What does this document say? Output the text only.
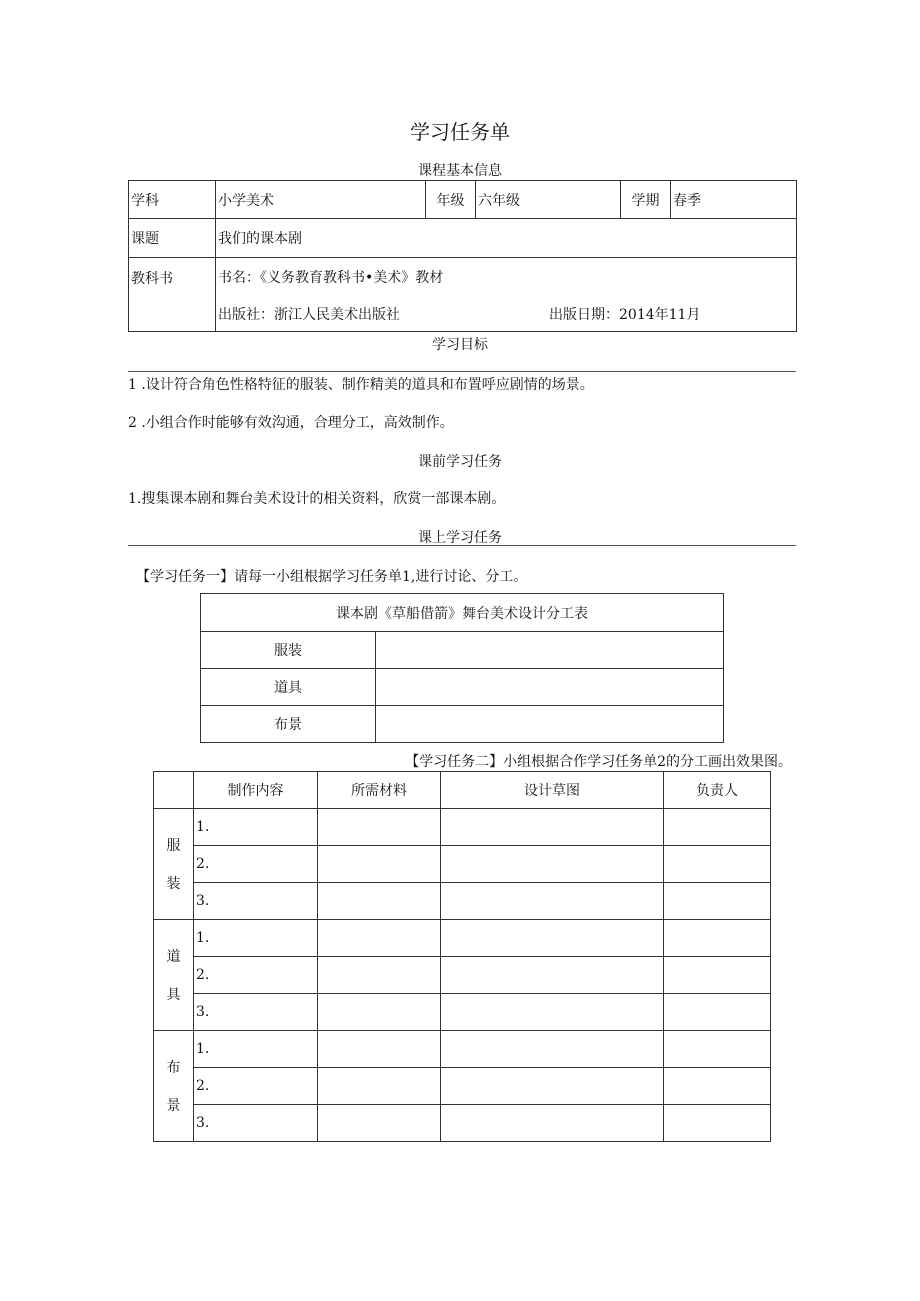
学习任务单
课程基本信息
学科	小学美术	年级	六年级	学期	春季
课题	我们的课本剧				
教科书	书名：《义务教育教科书•美术》教材
出版社：浙江人民美术出版社 出版日期：2014年11月				
学习目标
1 .设计符合角色性格特征的服装、制作精美的道具和布置呼应剧情的场景。
2 .小组合作时能够有效沟通，合理分工，高效制作。
课前学习任务
1.搜集课本剧和舞台美术设计的相关资料，欣赏一部课本剧。
课上学习任务
【学习任务一】请每一小组根据学习任务单1,进行讨论、分工。
课本剧《草船借箭》舞台美术设计分工表	
服装	
道具	
布景	
【学习任务二】小组根据合作学习任务单2的分工画出效果图。
	制作内容	所需材料	设计草图	负责人

服
装	1.			
	2.			
	3.			

道
具	1.			
	2.			
	3.			

布
景	1.			
	2.			
	3.			
